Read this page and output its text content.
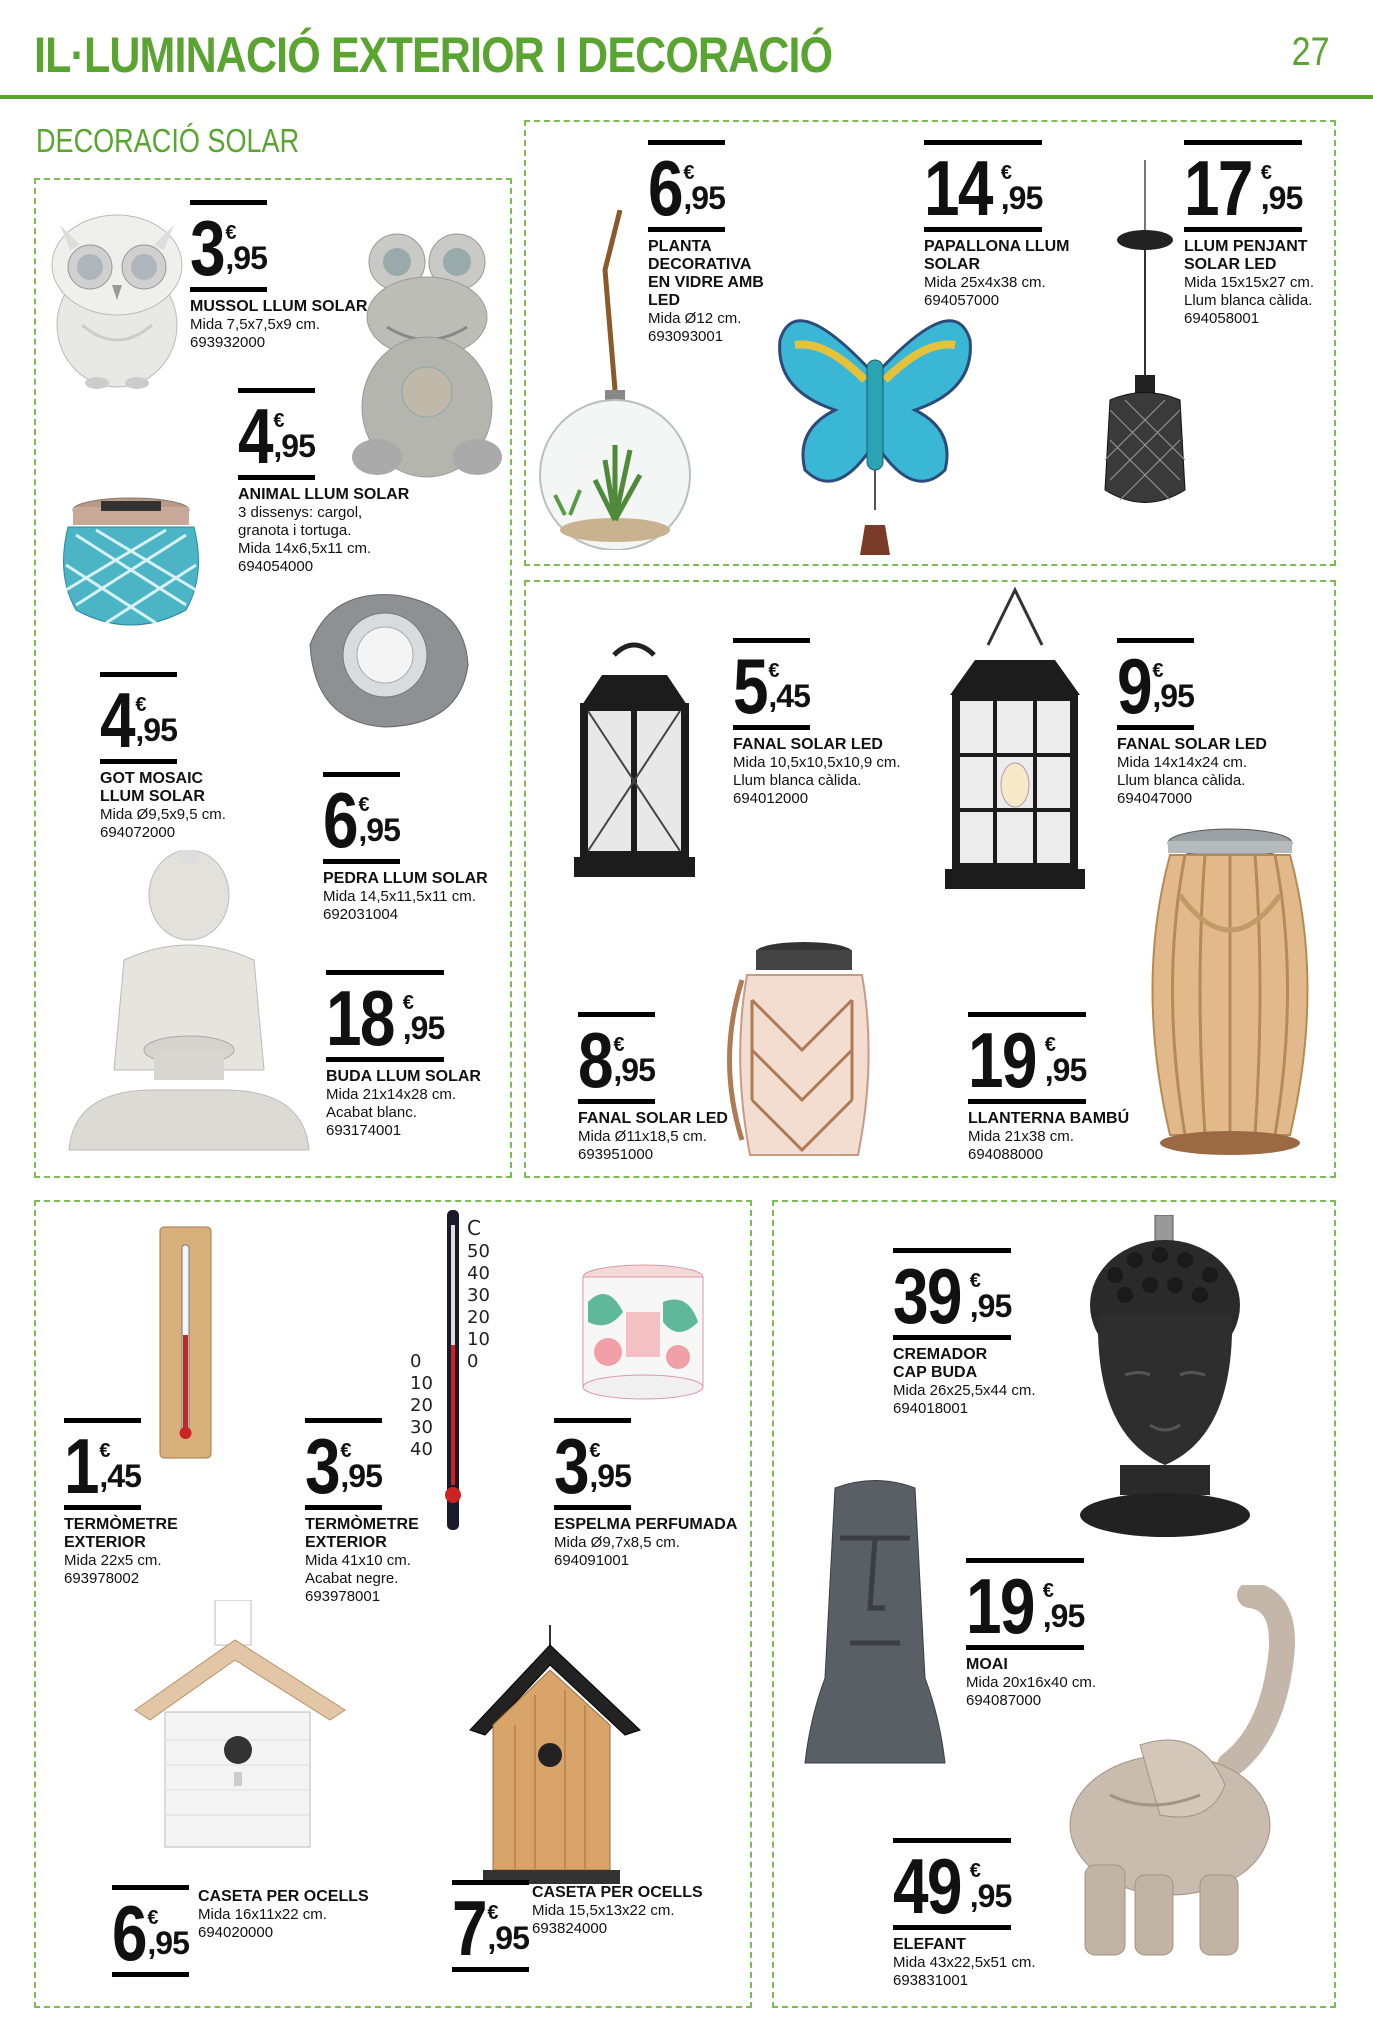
IL·LUMINACIÓ EXTERIOR I DECORACIÓ	27
DECORACIÓ SOLAR
C
50
40
30
20
10
0
0
10
20
30
40
3 €
,95
MUSSOL LLUM SOLAR
Mida 7,5x7,5x9 cm.
693932000
4 €
,95
ANIMAL LLUM SOLAR
3 dissenys: cargol,
granota i tortuga.
Mida 14x6,5x11 cm.
694054000
4 €
,95
GOT MOSAIC
LLUM SOLAR
Mida Ø9,5x9,5 cm.
694072000	6 €
,95
PEDRA LLUM SOLAR
Mida 14,5x11,5x11 cm.
692031004
18 €
,95
BUDA LLUM SOLAR
Mida 21x14x28 cm.
Acabat blanc.
693174001
6 €
,95
PLANTA
DECORATIVA
EN VIDRE AMB
LED
Mida Ø12 cm.
693093001
14 €
,95
PAPALLONA LLUM
SOLAR
Mida 25x4x38 cm.
694057000
17 €
,95
LLUM PENJANT
SOLAR LED
Mida 15x15x27 cm.
Llum blanca càlida.
694058001
5 €
,45
FANAL SOLAR LED
Mida 10,5x10,5x10,9 cm.
Llum blanca càlida.
694012000
9 €
,95
FANAL SOLAR LED
Mida 14x14x24 cm.
Llum blanca càlida.
694047000
8 €
,95
FANAL SOLAR LED
Mida Ø11x18,5 cm.
693951000
19 €
,95
LLANTERNA BAMBÚ
Mida 21x38 cm.
694088000
1 €
,45
TERMÒMETRE
EXTERIOR
Mida 22x5 cm.
693978002
3 €
,95
TERMÒMETRE
EXTERIOR
Mida 41x10 cm.
Acabat negre.
693978001
3 €
,95
ESPELMA PERFUMADA
Mida Ø9,7x8,5 cm.
694091001
6 €
,95
CASETA PER OCELLS
Mida 16x11x22 cm.
694020000	7 €
,95
CASETA PER OCELLS
Mida 15,5x13x22 cm.
693824000
39 €
,95
CREMADOR
CAP BUDA
Mida 26x25,5x44 cm.
694018001
19 €
,95
MOAI
Mida 20x16x40 cm.
694087000
49 €
,95
ELEFANT
Mida 43x22,5x51 cm.
693831001
